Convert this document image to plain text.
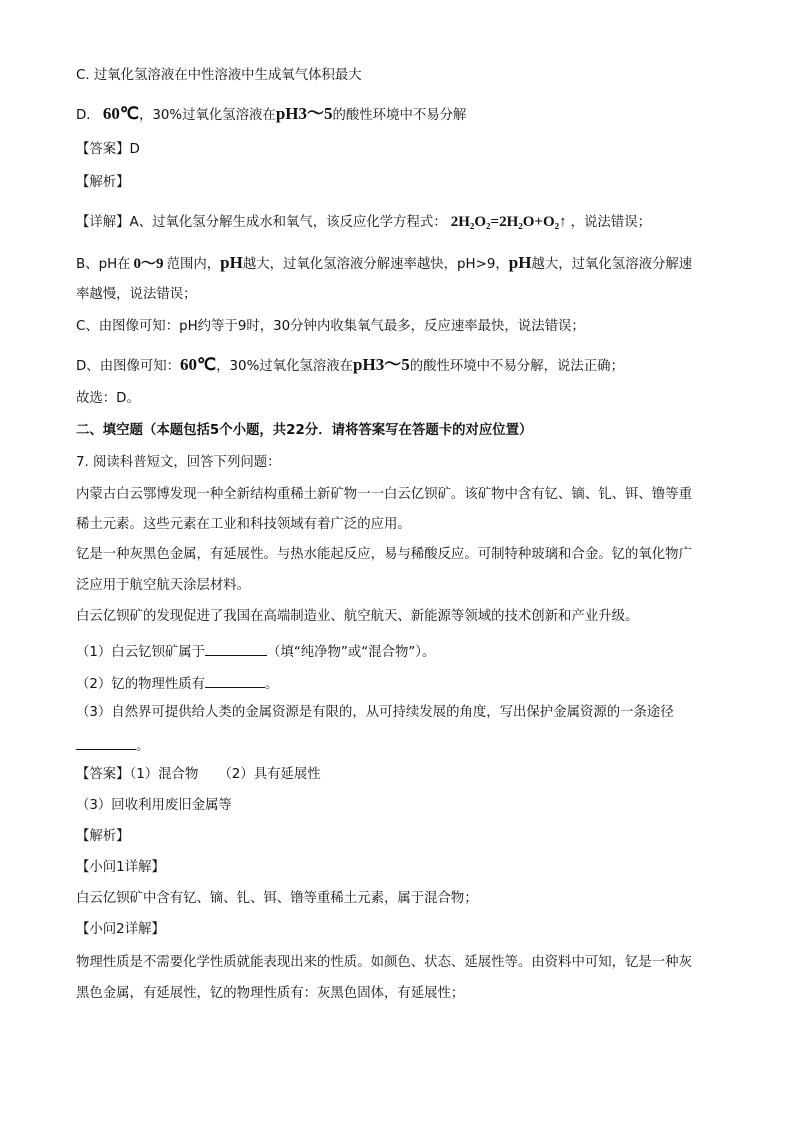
C. 过氧化氢溶液在中性溶液中生成氧气体积最大
D. 60℃，30%过氧化氢溶液在pH3～5的酸性环境中不易分解
【答案】D
【解析】
【详解】A、过氧化氢分解生成水和氧气，该反应化学方程式： 2H₂O₂=2H₂O+O₂↑ ，说法错误；
B、pH在 0～9 范围内，pH越大，过氧化氢溶液分解速率越快，pH>9，pH越大，过氧化氢溶液分解速
率越慢，说法错误；
C、由图像可知：pH约等于9时，30分钟内收集氧气最多，反应速率最快，说法错误；
D、由图像可知：60℃，30%过氧化氢溶液在pH3～5的酸性环境中不易分解，说法正确；
故选：D。
二、填空题（本题包括5个小题，共22分．请将答案写在答题卡的对应位置）
7. 阅读科普短文，回答下列问题：
内蒙古白云鄂博发现一种全新结构重稀土新矿物一一白云亿钡矿。该矿物中含有钇、镝、钆、铒、镥等重
稀土元素。这些元素在工业和科技领域有着广泛的应用。
钇是一种灰黑色金属，有延展性。与热水能起反应，易与稀酸反应。可制特种玻璃和合金。钇的氧化物广
泛应用于航空航天涂层材料。
白云亿钡矿的发现促进了我国在高端制造业、航空航天、新能源等领域的技术创新和产业升级。
（1）白云钇钡矿属于	（填“纯净物”或“混合物”）。
（2）钇的物理性质有	。
（3）自然界可提供给人类的金属资源是有限的，从可持续发展的角度，写出保护金属资源的一条途径
。
【答案】（1）混合物　　（2）具有延展性
（3）回收利用废旧金属等
【解析】
【小问1详解】
白云亿钡矿中含有钇、镝、钆、铒、镥等重稀土元素，属于混合物；
【小问2详解】
物理性质是不需要化学性质就能表现出来的性质。如颜色、状态、延展性等。由资料中可知，钇是一种灰
黑色金属，有延展性，钇的物理性质有：灰黑色固体，有延展性；
